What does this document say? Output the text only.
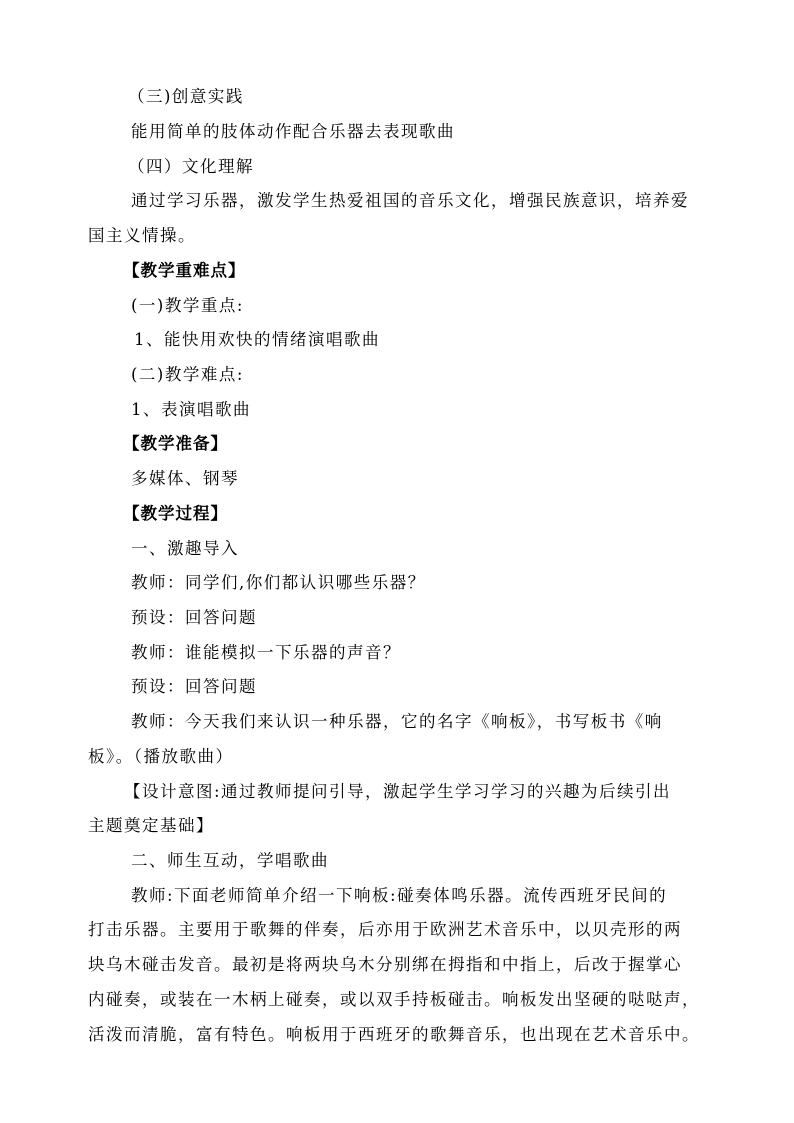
（三)创意实践
能用简单的肢体动作配合乐器去表现歌曲
（四）文化理解
通过学习乐器，激发学生热爱祖国的音乐文化，增强民族意识，培养爱
国主义情操。
【教学重难点】
(一)教学重点:
1、能快用欢快的情绪演唱歌曲
(二)教学难点:
1、表演唱歌曲
【教学准备】
多媒体、钢琴
【教学过程】
一、激趣导入
教师：同学们,你们都认识哪些乐器？
预设：回答问题
教师：谁能模拟一下乐器的声音？
预设：回答问题
教师：今天我们来认识一种乐器，它的名字《响板》，书写板书《响
板》。（播放歌曲）
【设计意图:通过教师提问引导，激起学生学习学习的兴趣为后续引出
主题奠定基础】
二、师生互动，学唱歌曲
教师:下面老师简单介绍一下响板:碰奏体鸣乐器。流传西班牙民间的
打击乐器。主要用于歌舞的伴奏，后亦用于欧洲艺术音乐中，以贝壳形的两
块乌木碰击发音。最初是将两块乌木分别绑在拇指和中指上，后改于握掌心
内碰奏，或装在一木柄上碰奏，或以双手持板碰击。响板发出坚硬的哒哒声，
活泼而清脆，富有特色。响板用于西班牙的歌舞音乐，也出现在艺术音乐中。
